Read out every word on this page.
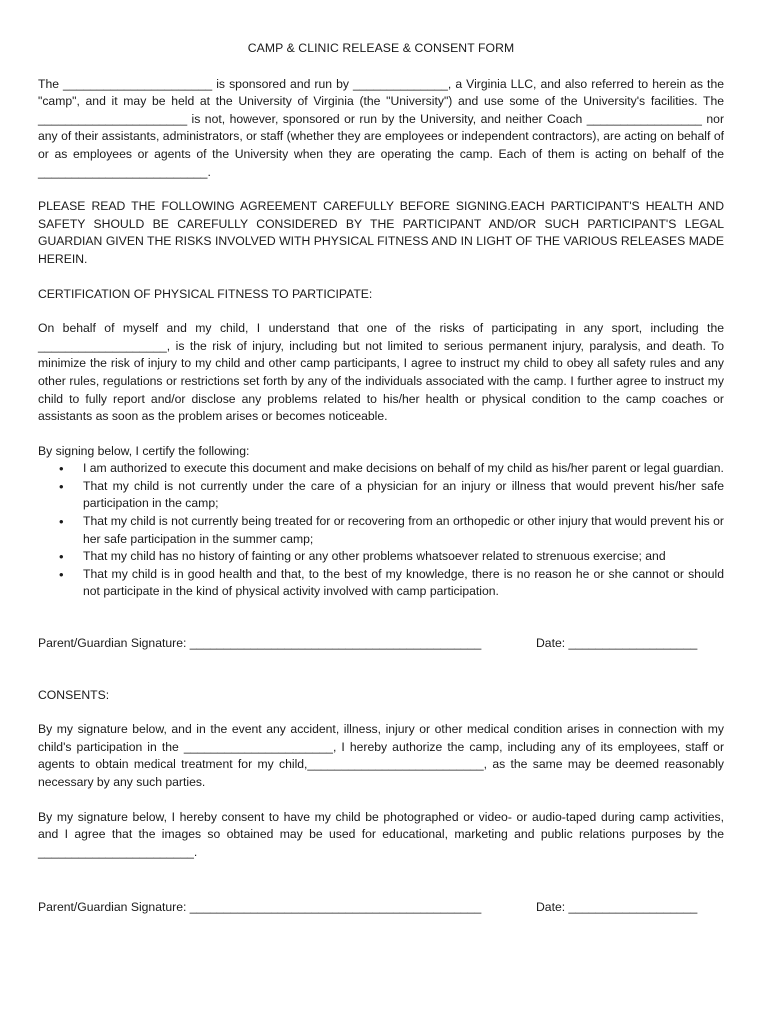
CAMP & CLINIC RELEASE & CONSENT FORM

The ______________________ is sponsored and run by ______________, a Virginia LLC, and also referred to herein as the "camp", and it may be held at the University of Virginia (the "University") and use some of the University's facilities. The ______________________ is not, however, sponsored or run by the University, and neither Coach _________________ nor any of their assistants, administrators, or staff (whether they are employees or independent contractors), are acting on behalf of or as employees or agents of the University when they are operating the camp. Each of them is acting on behalf of the _________________________.

PLEASE READ THE FOLLOWING AGREEMENT CAREFULLY BEFORE SIGNING.EACH PARTICIPANT'S HEALTH AND SAFETY SHOULD BE CAREFULLY CONSIDERED BY THE PARTICIPANT AND/OR SUCH PARTICIPANT'S LEGAL GUARDIAN GIVEN THE RISKS INVOLVED WITH PHYSICAL FITNESS AND IN LIGHT OF THE VARIOUS RELEASES MADE HEREIN.

CERTIFICATION OF PHYSICAL FITNESS TO PARTICIPATE:

On behalf of myself and my child, I understand that one of the risks of participating in any sport, including the ___________________, is the risk of injury, including but not limited to serious permanent injury, paralysis, and death. To minimize the risk of injury to my child and other camp participants, I agree to instruct my child to obey all safety rules and any other rules, regulations or restrictions set forth by any of the individuals associated with the camp. I further agree to instruct my child to fully report and/or disclose any problems related to his/her health or physical condition to the camp coaches or assistants as soon as the problem arises or becomes noticeable.

By signing below, I certify the following:

• I am authorized to execute this document and make decisions on behalf of my child as his/her parent or legal guardian.
• That my child is not currently under the care of a physician for an injury or illness that would prevent his/her safe participation in the camp;
• That my child is not currently being treated for or recovering from an orthopedic or other injury that would prevent his or her safe participation in the summer camp;
• That my child has no history of fainting or any other problems whatsoever related to strenuous exercise; and
• That my child is in good health and that, to the best of my knowledge, there is no reason he or she cannot or should not participate in the kind of physical activity involved with camp participation.
Parent/Guardian Signature: ___________________________________________	Date: ___________________

CONSENTS:

By my signature below, and in the event any accident, illness, injury or other medical condition arises in connection with my child's participation in the ______________________, I hereby authorize the camp, including any of its employees, staff or agents to obtain medical treatment for my child,__________________________, as the same may be deemed reasonably necessary by any such parties.

By my signature below, I hereby consent to have my child be photographed or video- or audio-taped during camp activities, and I agree that the images so obtained may be used for educational, marketing and public relations purposes by the _______________________.

Parent/Guardian Signature: ___________________________________________	Date: ___________________
